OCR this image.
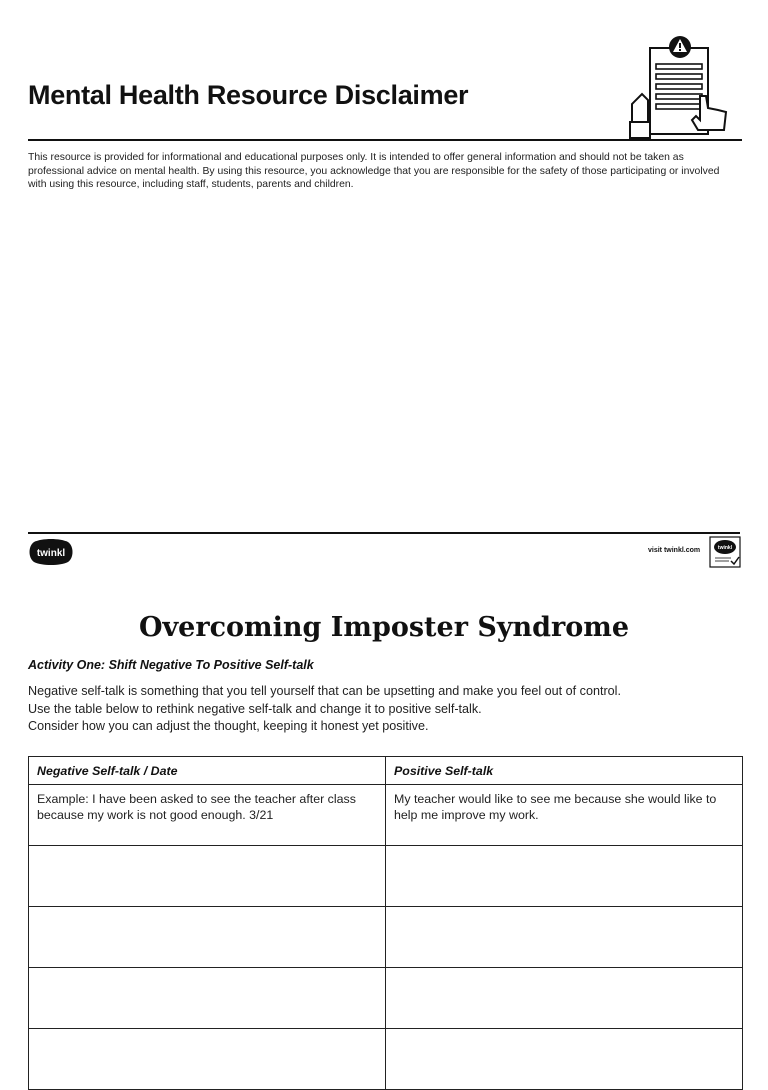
Mental Health Resource Disclaimer
This resource is provided for informational and educational purposes only. It is intended to offer general information and should not be taken as professional advice on mental health. By using this resource, you acknowledge that you are responsible for the safety of those participating or involved with using this resource, including staff, students, parents and children.
twinkl	visit twinkl.com	twinkl
Overcoming Imposter Syndrome
Activity One: Shift Negative To Positive Self-talk
Negative self-talk is something that you tell yourself that can be upsetting and make you feel out of control.
Use the table below to rethink negative self-talk and change it to positive self-talk.
Consider how you can adjust the thought, keeping it honest yet positive.
Negative Self-talk / Date	Positive Self-talk
Example: I have been asked to see the teacher after class because my work is not good enough. 3/21	My teacher would like to see me because she would like to help me improve my work.
